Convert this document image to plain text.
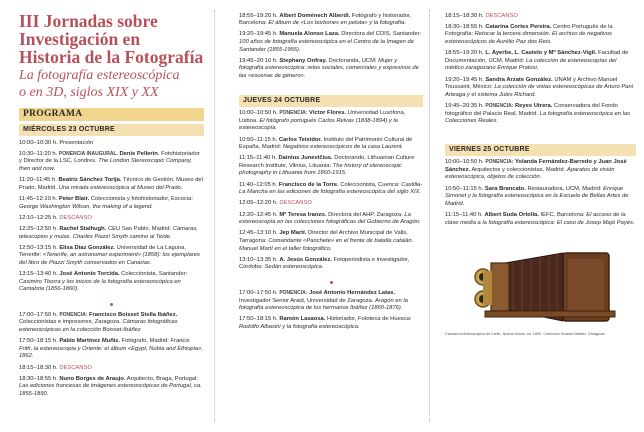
III Jornadas sobre Investigación en
Historia de la Fotografía
La fotografía estereoscópica
o en 3D, siglos XIX y XX
PROGRAMA
MIÉRCOLES 23 OCTUBRE
10:00–10:30 h. Presentación
10:30–11:20 h. PONENCIA INAUGURAL. Denis Pellerin. Fotohistoriador y Director de la LSC, Londres. The London Stereoscopic Company, then and now.
11:20–11:45 h. Beatriz Sánchez Torija. Técnico de Gestión, Museo del Prado, Madrid. Una mirada estereoscópica al Museo del Prado.
11:45–12:10 h. Peter Blair. Coleccionista y fotohistoriador, Escocia: George Washington Wilson, the making of a legend.
12:10–12:25 h. DESCANSO
12:25–12:50 h. Rachel Stalhugh. CEU San Pablo, Madrid: Cámaras, telescopios y mulas. Charles Piazzi Smyth camino al Teide.
12:50–13:15 h. Elisa Díaz González. Universidad de La Laguna, Tenerife: «Tenerife, an astronomer experiment» (1858): los ejemplares del libro de Piazzi Smyth conservados en Canarias.
13:15–13:40 h. José Antonio Torcida. Coleccionista, Santander: Casimiro Tborra y los inicios de la fotografía estereoscópica en Cantabria (1856-1860).
17:00–17:50 h. PONENCIA: Francisco Boisset Stella Ibáñez. Coleccionistas e impresores, Zaragoza. Cámaras fotográficas estereoscópicas en la colección Boisset-Ibáñez
17:50–18:15 h. Pablo Martínez Muñiz. Fotógrafo, Madrid: Francis Frith, la estereoscopia y Oriente: el álbum «Egypt, Nubia and Ethiopia», 1862.
18:15–18:30 h. DESCANSO
18:30–18:55 h. Nuno Borges de Araujo. Arquitecto, Braga, Portugal: Las ediciones francesas de imágenes estereoscópicas de Portugal, ca. 1855-1890.
18:55–19:20 h. Albert Doménech Alberdi. Fotógrafo y historiador, Barcelona: El álbum de «Los borbones en pelota» y la fotografía.
19:20–19:45 h. Manuela Alonso Laza. Directora del CDIS, Santander: 100 años de fotografía estereoscópica en el Centro de la Imagen de Santander (1855-1955).
19:45–20:10 h. Stephany Onfray. Doctoranda, UCM: Mujer y fotografía estereoscópica: retos sociales, comerciales y expresivos de las «escenas de género».
JUEVES 24 OCTUBRE
10:00–10:50 h. PONENCIA: Víctor Flores. Universidad Lusófona, Lisboa. El fotógrafo portugués Carlos Relvas (1838-1894) y la estereoscopía.
10:50–11:15 h. Carlos Teixidor. Instituto del Patrimonio Cultural de España, Madrid: Negativos estereoscópicos de la casa Laurent.
11:15–11:40 h. Dainius Junevičius. Doctorando, Lithuanian Culture Research Institute, Vilnius, Lituania: The history of stereoscopic photography in Lithuania from 1860-1915.
11:40–12:05 h. Francisco de la Torre. Coleccionista, Cuenca: Castilla-La Mancha en las ediciones de fotografía estereoscópica del siglo XIX.
12:05–12:20 h. DESCANSO
12:20–12:45 h. Mª Teresa Iranzo. Directora del AHP, Zaragoza: La estereoscopía en las colecciones fotográficas del Gobierno de Aragón.
12:45–13:10 h. Jep Martí. Director del Archivo Municipal de Valls, Tarragona: Comandante «Panchete» en el frente de batalla catalán. Manuel Martí en el taller fotográfico.
13:10–13:35 h. A. Jesús González. Fotoperiodista e investigador, Córdoba: Sedán estereoscópica.
17:00–17:50 h. PONENCIA: José Antonio Hernández Latas. Investigador Senior Araid, Universidad de Zaragoza. Aragón en la fotografía estereoscópica de los hermanos Ibáñez (1860-1876).
17:50–18:15 h. Ramón Lasaosa. Historiador, Fototeca de Huesca: Rodolfo Albasini y la fotografía estereoscópica.
18:15–18:30 h. DESCANSO
18:30–18:55 h. Catarina Cortes Pereira. Centro Português de la Fotografía: Retocar la tercera dimensión. El archivo de negativos estereoscópicos de Aurélio Paz dos Reis.
18:55–19:20 h. L. Ayerbe, L. Castelo y Mª Sánchez-Vigil. Facultad de Documentación, UCM, Madrid: La colección de estereoscopías del médico zaragozano Enrique Pratosi.
19:20–19:45 h. Sandra Arzate González. UNAM y Archivo Manuel Toussaint, México: La colección de vistas estereoscópicas de Arturo Pani Arteaga y el sistema Jules Richard.
19:45–20:35 h. PONENCIA: Reyes Utrera. Conservadora del Fondo fotográfico del Palacio Real, Madrid. La fotografía estereoscópica en las Colecciones Reales.
VIERNES 25 OCTUBRE
10:00–10:50 h. PONENCIA: Yolanda Fernández-Barredo y Juan José Sánchez. Arquitectos y coleccionistas, Madrid. Aparatos de visión estereoscópica, objetos de colección.
10:50–11:15 h. Sara Brancato. Restauradora, UCM, Madrid: Enrique Simonet y la fotografía estereoscópica en la Escuela de Bellas Artes de Madrid.
11:15–11:40 h. Albert Suda Ortolla. IEFC, Barcelona: El acceso de la clase media a la fotografía estereoscópica: El caso de Josep Majó Payés.
Cámara estereoscópica de fuelle, Nueva Unida, ca. 1890. Colección Boisset-Ibáñez, Zaragoza.
